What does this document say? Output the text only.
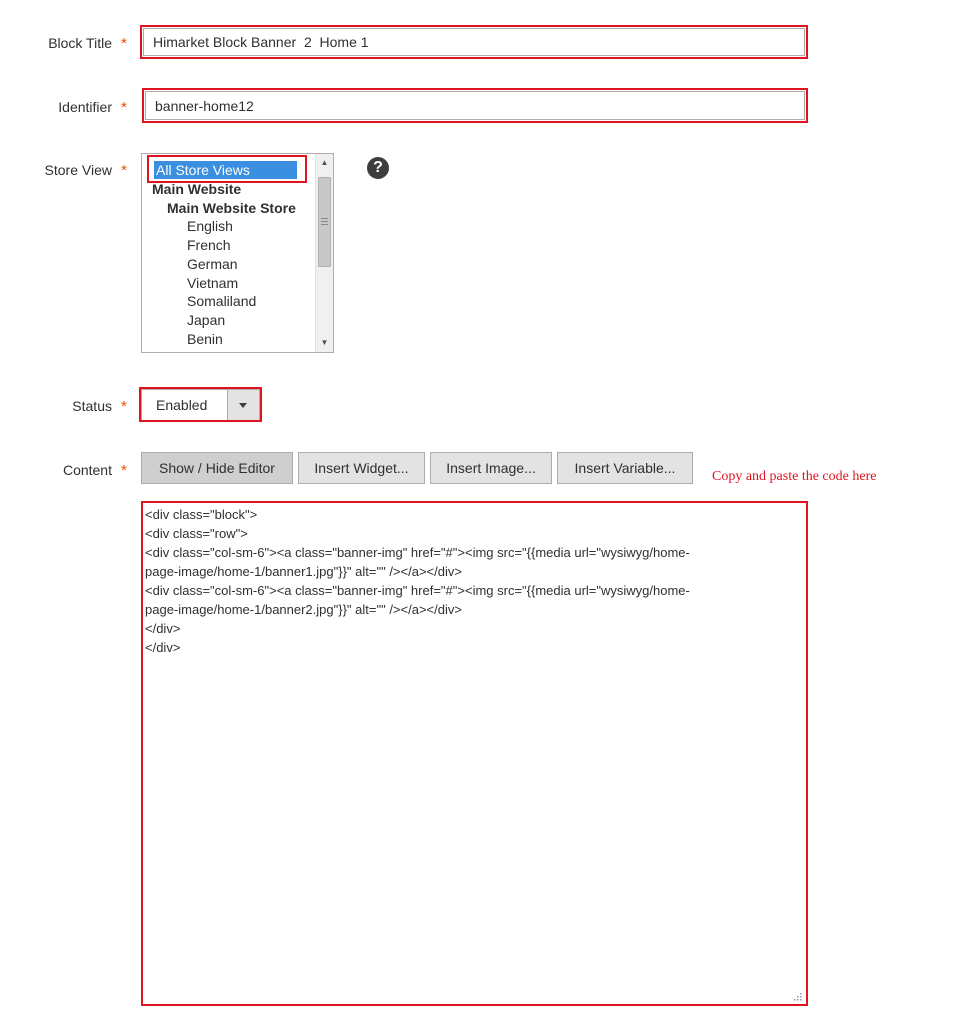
Block Title *
Himarket Block Banner 2 Home 1
Identifier *
banner-home12
Store View * All Store Views
Main Website
Main Website Store
English
French
German
Vietnam
Somaliland
Japan
Benin
▲
▼
?
Status * Enabled
Content *	Show / Hide Editor	Insert Widget...	Insert Image...	Insert Variable...
Copy and paste the code here
<div class="block">
<div class="row">
<div class="col-sm-6"><a class="banner-img" href="#"><img src="{{media url="wysiwyg/home-
page-image/home-1/banner1.jpg"}}" alt="" /></a></div>
<div class="col-sm-6"><a class="banner-img" href="#"><img src="{{media url="wysiwyg/home-
page-image/home-1/banner2.jpg"}}" alt="" /></a></div>
</div>
</div>
